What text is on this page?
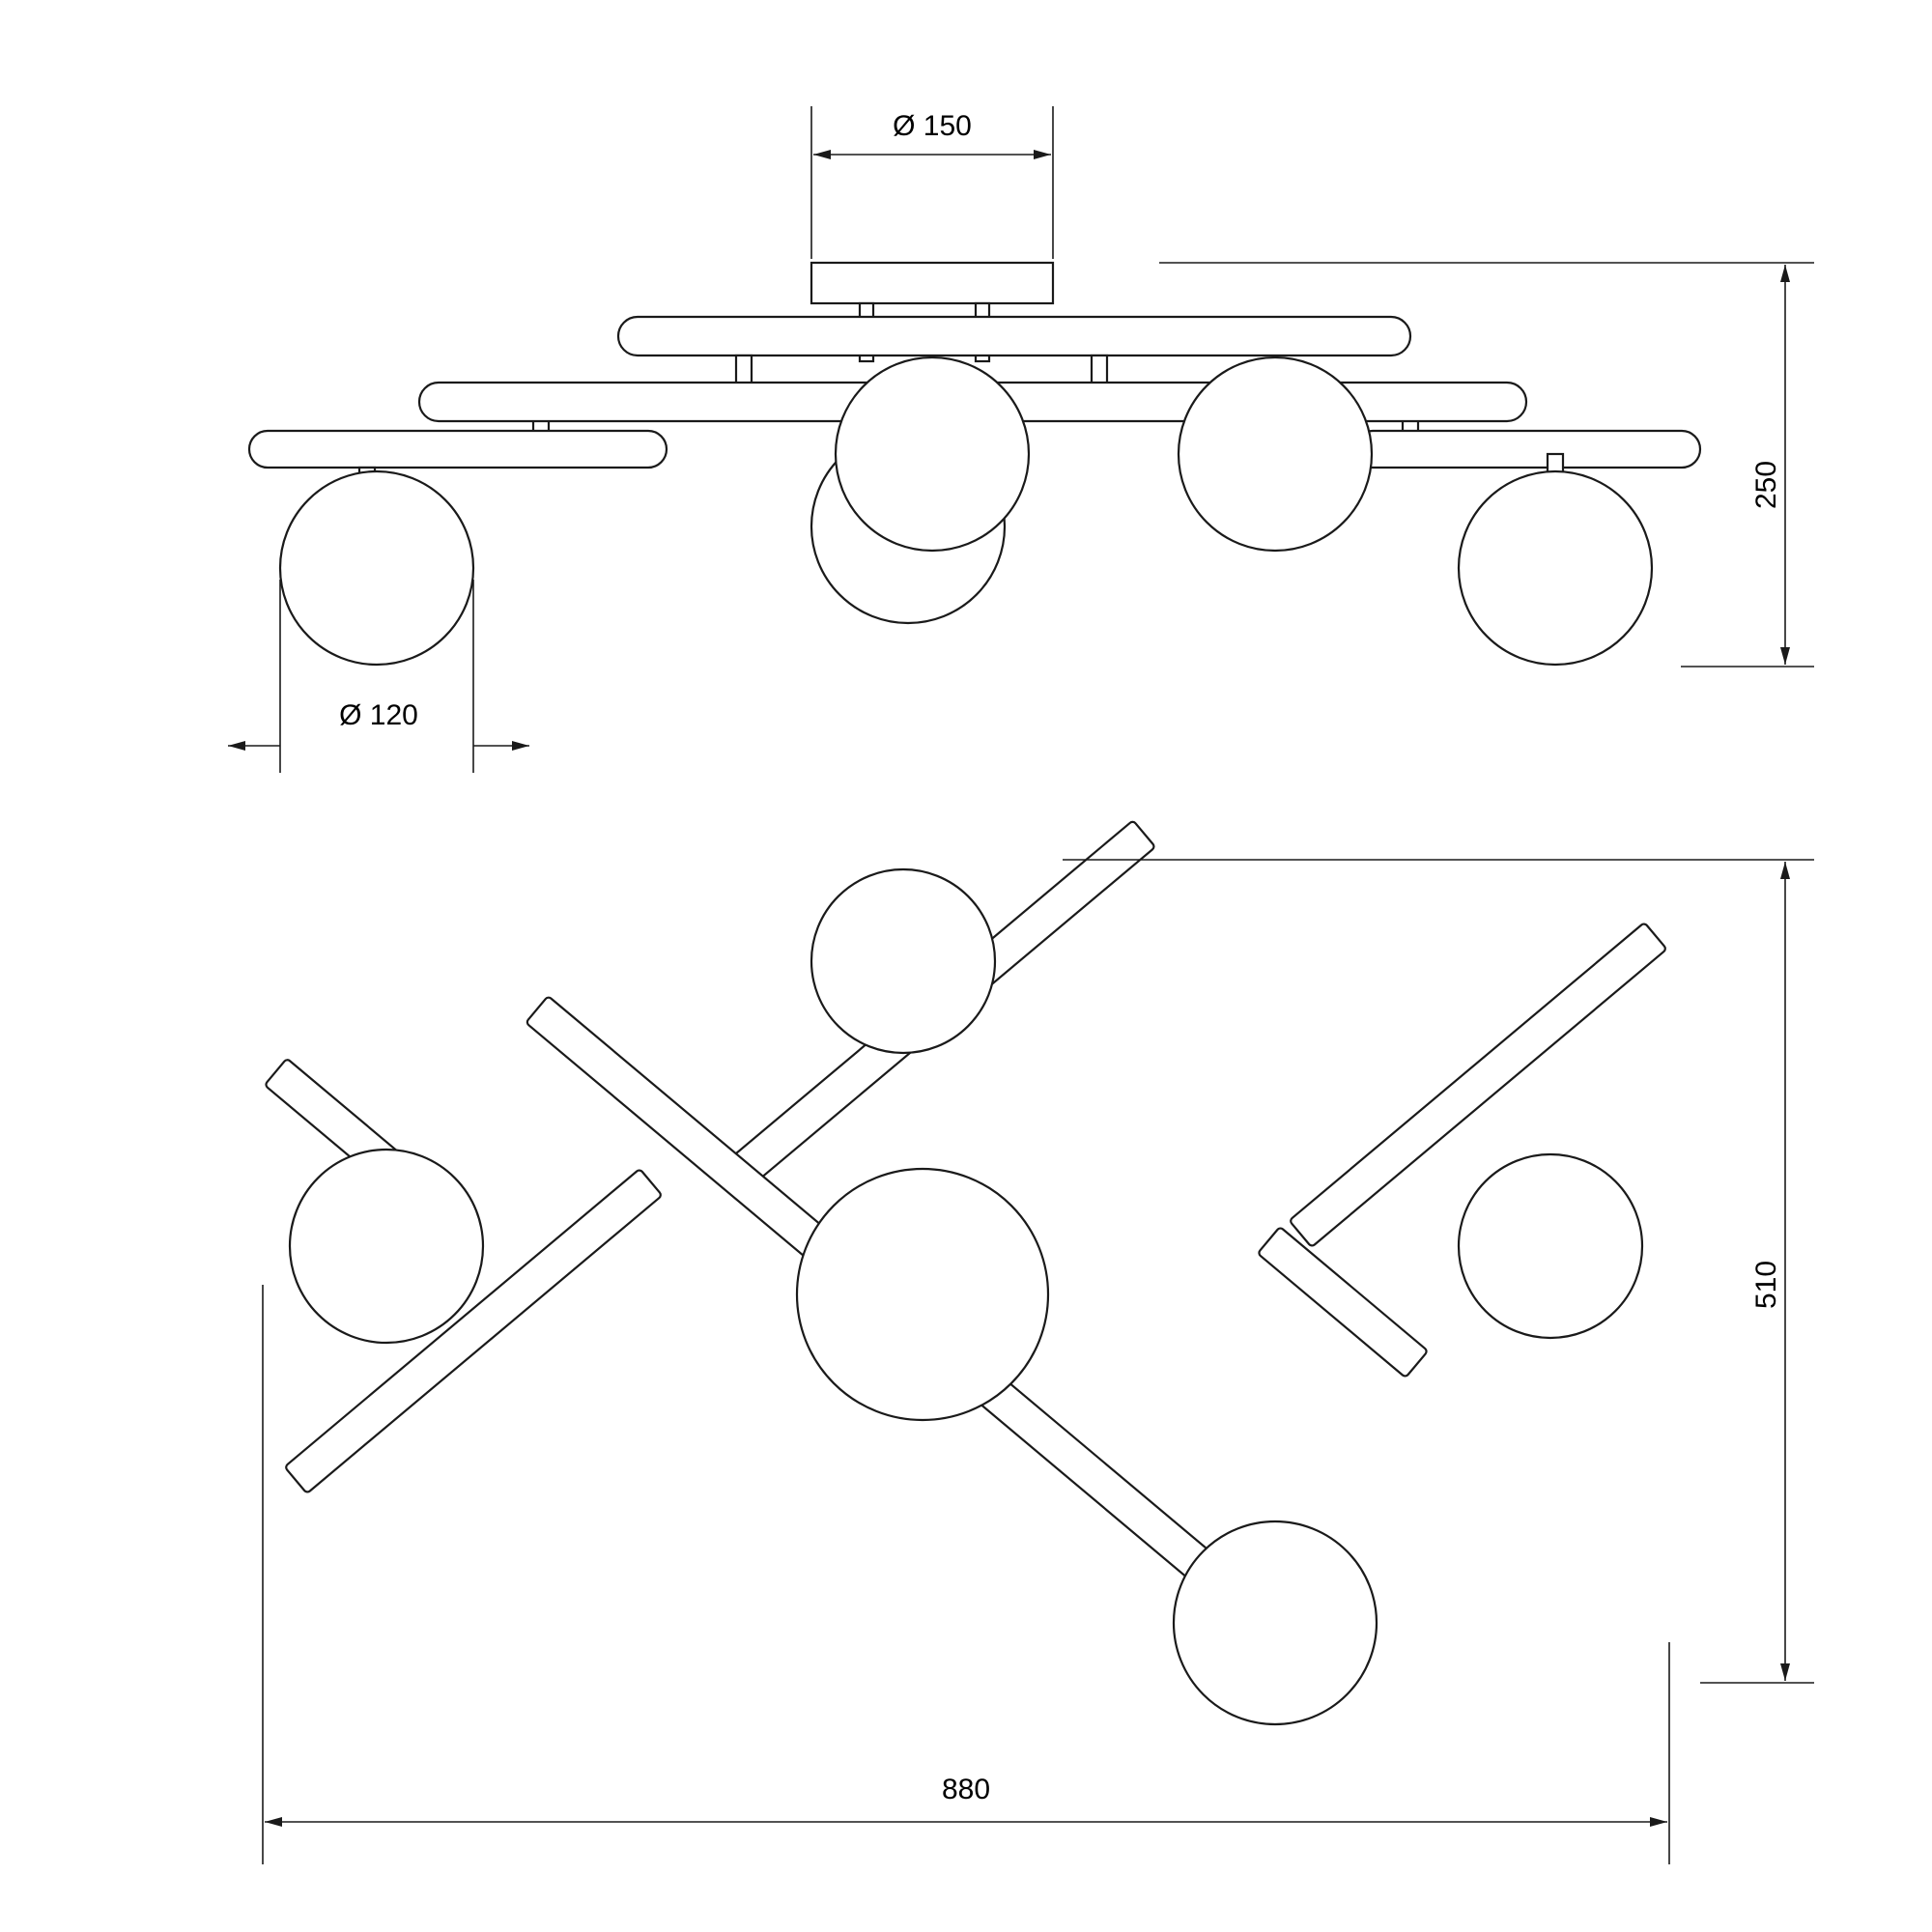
Ø 150
Ø 120
250
510
880
